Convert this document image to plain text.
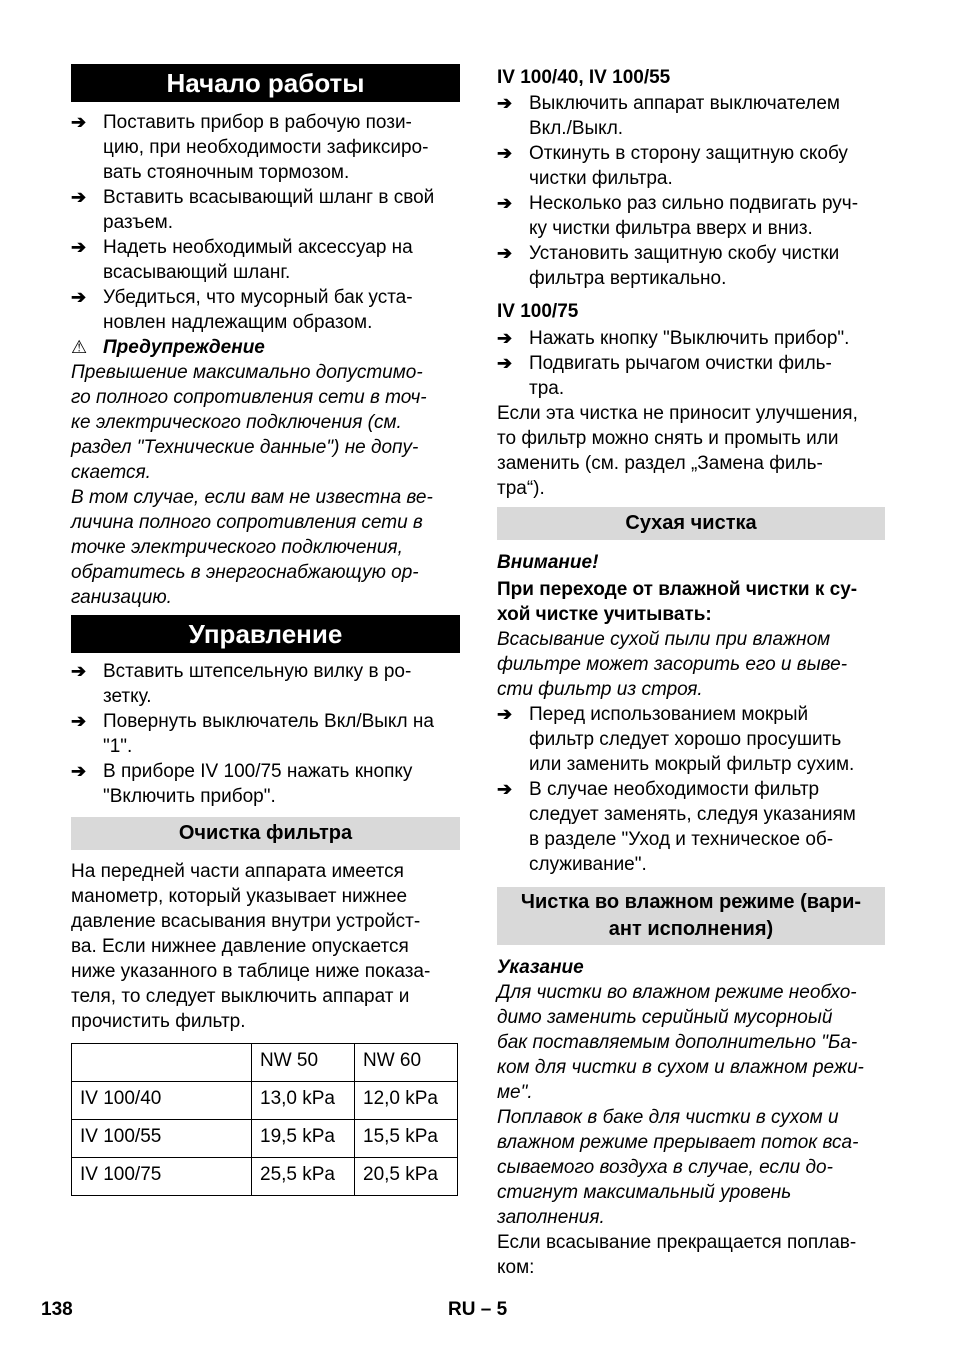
Начало работы
➔ Поставить прибор в рабочую пози-
цию, при необходимости зафиксиро-
вать стояночным тормозом.
➔ Вставить всасывающий шланг в свой
разъем.
➔ Надеть необходимый аксессуар на
всасывающий шланг.
➔ Убедиться, что мусорный бак уста-
новлен надлежащим образом.
⚠ Предупреждение
Превышение максимально допустимо-
го полного сопротивления сети в точ-
ке электрического подключения (см.
раздел "Технические данные") не допу-
скается.
В том случае, если вам не известна ве-
личина полного сопротивления сети в
точке электрического подключения,
обратитесь в энергоснабжающую ор-
ганизацию.
Управление
➔ Вставить штепсельную вилку в ро-
зетку.
➔ Повернуть выключатель Вкл/Выкл на
"1".
➔ В приборе IV 100/75 нажать кнопку
"Включить прибор".
Очистка фильтра
На передней части аппарата имеется
манометр, который указывает нижнее
давление всасывания внутри устройст-
ва. Если нижнее давление опускается
ниже указанного в таблице ниже показа-
теля, то следует выключить аппарат и
прочистить фильтр.
	NW 50	NW 60
IV 100/40	13,0 kPa	12,0 kPa
IV 100/55	19,5 kPa	15,5 kPa
IV 100/75	25,5 kPa	20,5 kPa
IV 100/40, IV 100/55
➔ Выключить аппарат выключателем
Вкл./Выкл.
➔ Откинуть в сторону защитную скобу
чистки фильтра.
➔ Несколько раз сильно подвигать руч-
ку чистки фильтра вверх и вниз.
➔ Установить защитную скобу чистки
фильтра вертикально.
IV 100/75
➔ Нажать кнопку "Выключить прибор".
➔ Подвигать рычагом очистки филь-
тра.
Если эта чистка не приносит улучшения,
то фильтр можно снять и промыть или
заменить (см. раздел „Замена филь-
тра“).
Сухая чистка
Внимание!
При переходе от влажной чистки к су-
хой чистке учитывать:
Всасывание сухой пыли при влажном
фильтре может засорить его и выве-
сти фильтр из строя.
➔ Перед использованием мокрый
фильтр следует хорошо просушить
или заменить мокрый фильтр сухим.
➔ В случае необходимости фильтр
следует заменять, следуя указаниям
в разделе "Уход и техническое об-
служивание".
Чистка во влажном режиме (вари-
ант исполнения)
Указание
Для чистки во влажном режиме необхо-
димо заменить серийный мусорноый
бак поставляемым дополнительно "Ба-
ком для чистки в сухом и влажном режи-
ме".
Поплавок в баке для чистки в сухом и
влажном режиме прерывает поток вса-
сываемого воздуха в случае, если до-
стигнут максимальный уровень
заполнения.
Если всасывание прекращается поплав-
ком:
138	RU – 5
